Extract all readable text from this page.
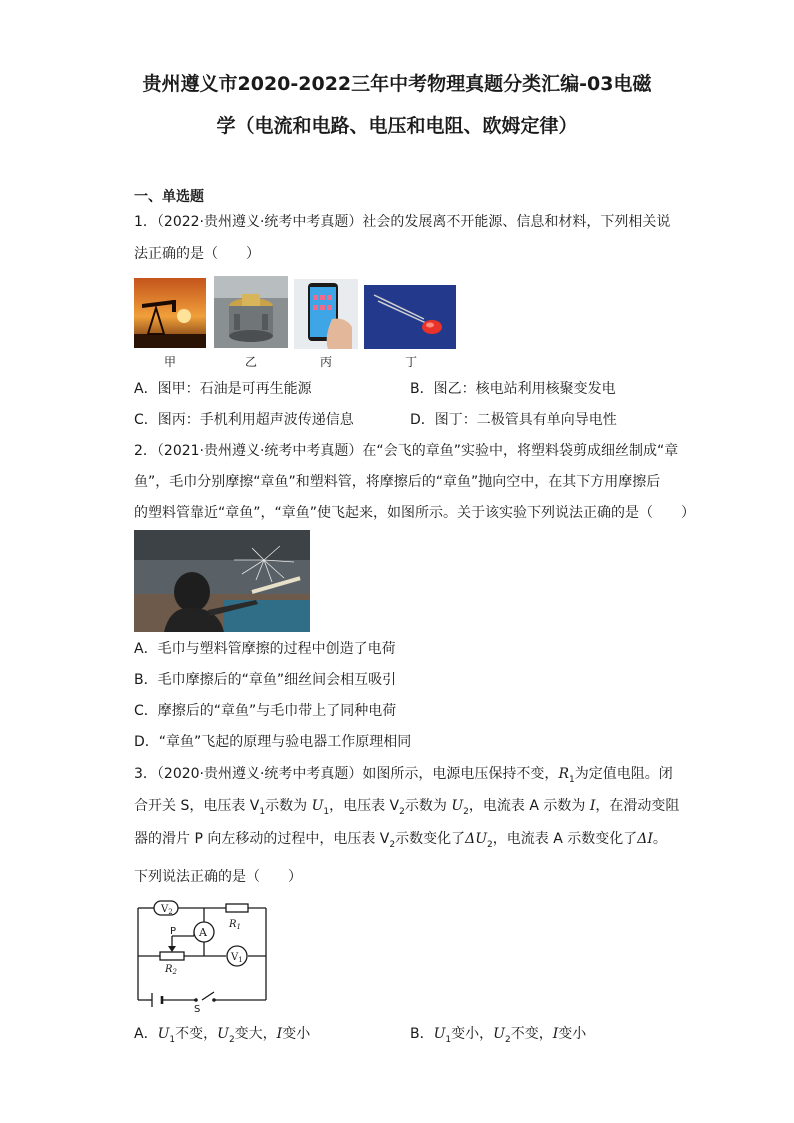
贵州遵义市2020-2022三年中考物理真题分类汇编-03电磁
学（电流和电路、电压和电阻、欧姆定律）
一、单选题
1．（2022·贵州遵义·统考中考真题）社会的发展离不开能源、信息和材料，下列相关说
法正确的是（　　）
甲	乙	丙	丁
A．图甲：石油是可再生能源	B．图乙：核电站利用核聚变发电
C．图丙：手机利用超声波传递信息	D．图丁：二极管具有单向导电性
2．（2021·贵州遵义·统考中考真题）在“会飞的章鱼”实验中，将塑料袋剪成细丝制成“章
鱼”，毛巾分别摩擦“章鱼”和塑料管，将摩擦后的“章鱼”抛向空中，在其下方用摩擦后
的塑料管靠近“章鱼”，“章鱼”使飞起来，如图所示。关于该实验下列说法正确的是（　　）
A．毛巾与塑料管摩擦的过程中创造了电荷
B．毛巾摩擦后的“章鱼”细丝间会相互吸引
C．摩擦后的“章鱼”与毛巾带上了同种电荷
D．“章鱼”飞起的原理与验电器工作原理相同
3．（2020·贵州遵义·统考中考真题）如图所示，电源电压保持不变，$R_1$为定值电阻。闭
合开关 S，电压表 $V_1$示数为 $U_1$，电压表 $V_2$示数为 $U_2$，电流表 A 示数为 I，在滑动变阻
器的滑片 P 向左移动的过程中，电压表 $V_2$示数变化了$\Delta U_2$，电流表 A 示数变化了ΔI。
下列说法正确的是（　　）
$V_2$
$R_1$
A
P
$R_2$
$V_1$
S
A．$U_1$不变，$U_2$变大，I变小	B．$U_1$变小，$U_2$不变，I变小
